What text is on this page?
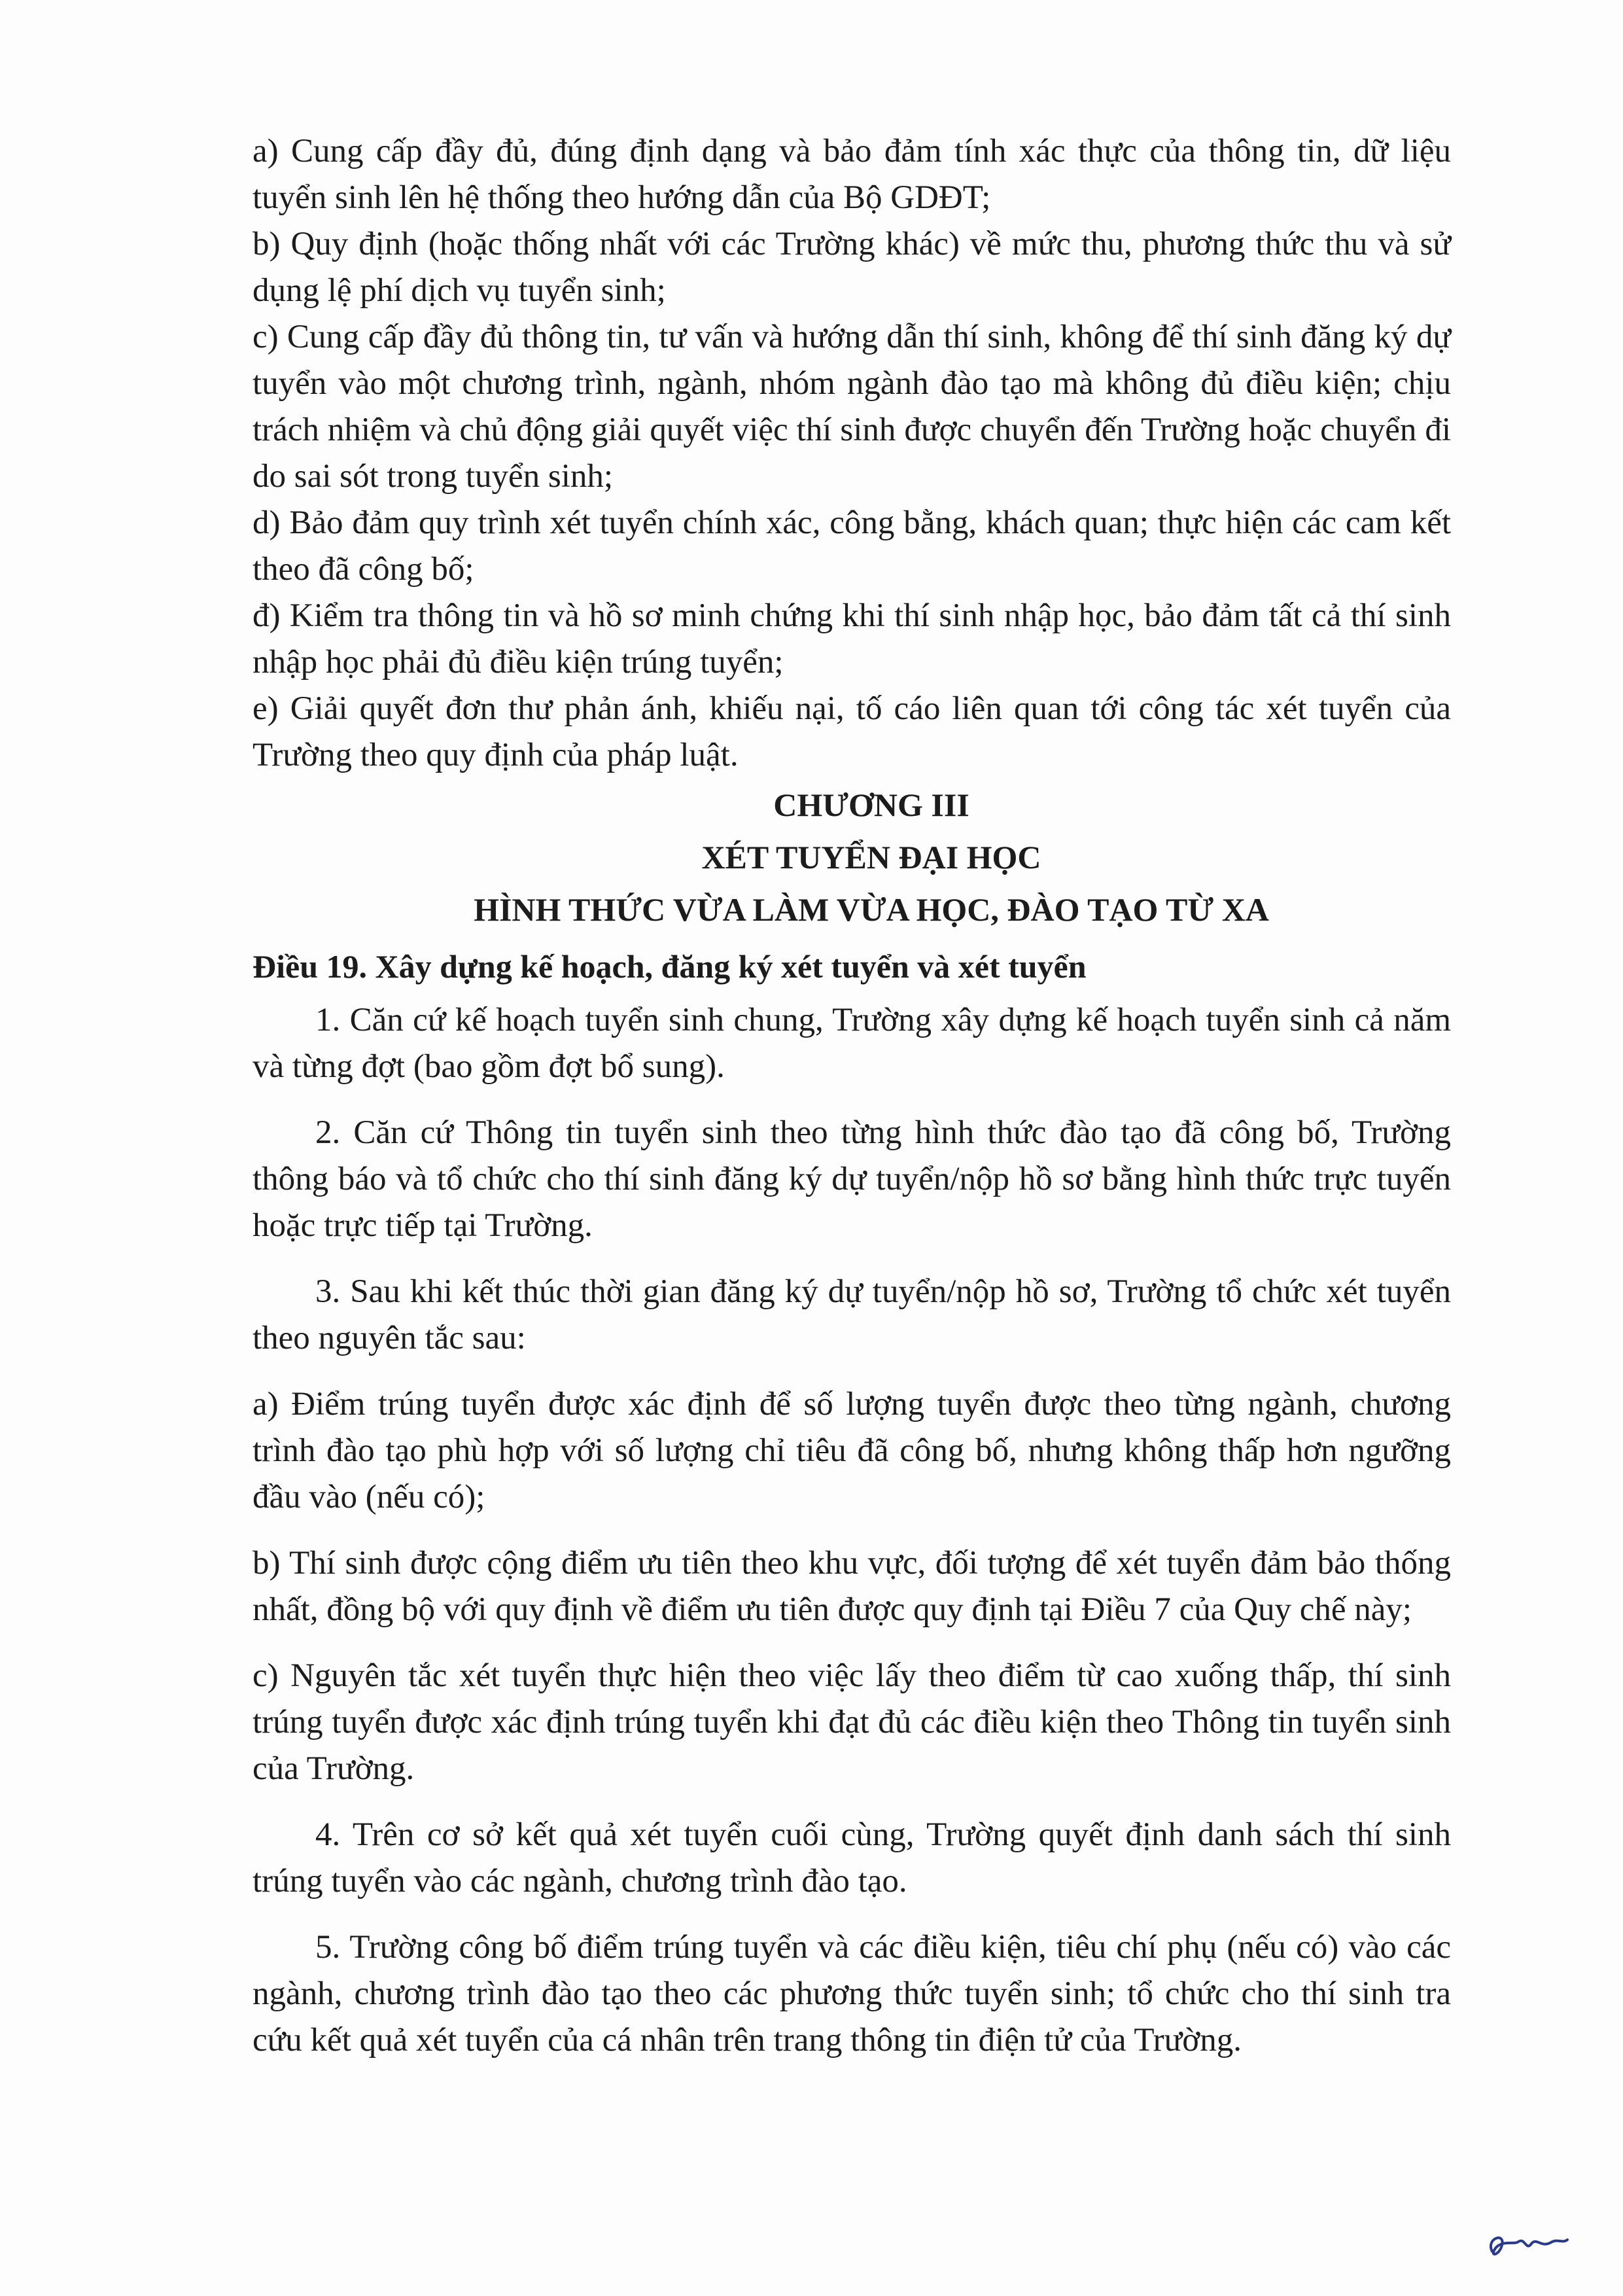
a) Cung cấp đầy đủ, đúng định dạng và bảo đảm tính xác thực của thông tin, dữ liệu tuyển sinh lên hệ thống theo hướng dẫn của Bộ GDĐT;

b) Quy định (hoặc thống nhất với các Trường khác) về mức thu, phương thức thu và sử dụng lệ phí dịch vụ tuyển sinh;

c) Cung cấp đầy đủ thông tin, tư vấn và hướng dẫn thí sinh, không để thí sinh đăng ký dự tuyển vào một chương trình, ngành, nhóm ngành đào tạo mà không đủ điều kiện; chịu trách nhiệm và chủ động giải quyết việc thí sinh được chuyển đến Trường hoặc chuyển đi do sai sót trong tuyển sinh;

d) Bảo đảm quy trình xét tuyển chính xác, công bằng, khách quan; thực hiện các cam kết theo đã công bố;

đ) Kiểm tra thông tin và hồ sơ minh chứng khi thí sinh nhập học, bảo đảm tất cả thí sinh nhập học phải đủ điều kiện trúng tuyển;

e) Giải quyết đơn thư phản ánh, khiếu nại, tố cáo liên quan tới công tác xét tuyển của Trường theo quy định của pháp luật.

CHƯƠNG III

XÉT TUYỂN ĐẠI HỌC

HÌNH THỨC VỪA LÀM VỪA HỌC, ĐÀO TẠO TỪ XA

Điều 19. Xây dựng kế hoạch, đăng ký xét tuyển và xét tuyển

1. Căn cứ kế hoạch tuyển sinh chung, Trường xây dựng kế hoạch tuyển sinh cả năm và từng đợt (bao gồm đợt bổ sung).

2. Căn cứ Thông tin tuyển sinh theo từng hình thức đào tạo đã công bố, Trường thông báo và tổ chức cho thí sinh đăng ký dự tuyển/nộp hồ sơ bằng hình thức trực tuyến hoặc trực tiếp tại Trường.

3. Sau khi kết thúc thời gian đăng ký dự tuyển/nộp hồ sơ, Trường tổ chức xét tuyển theo nguyên tắc sau:

a) Điểm trúng tuyển được xác định để số lượng tuyển được theo từng ngành, chương trình đào tạo phù hợp với số lượng chỉ tiêu đã công bố, nhưng không thấp hơn ngưỡng đầu vào (nếu có);

b) Thí sinh được cộng điểm ưu tiên theo khu vực, đối tượng để xét tuyển đảm bảo thống nhất, đồng bộ với quy định về điểm ưu tiên được quy định tại Điều 7 của Quy chế này;

c) Nguyên tắc xét tuyển thực hiện theo việc lấy theo điểm từ cao xuống thấp, thí sinh trúng tuyển được xác định trúng tuyển khi đạt đủ các điều kiện theo Thông tin tuyển sinh của Trường.

4. Trên cơ sở kết quả xét tuyển cuối cùng, Trường quyết định danh sách thí sinh trúng tuyển vào các ngành, chương trình đào tạo.

5. Trường công bố điểm trúng tuyển và các điều kiện, tiêu chí phụ (nếu có) vào các ngành, chương trình đào tạo theo các phương thức tuyển sinh; tổ chức cho thí sinh tra cứu kết quả xét tuyển của cá nhân trên trang thông tin điện tử của Trường.
